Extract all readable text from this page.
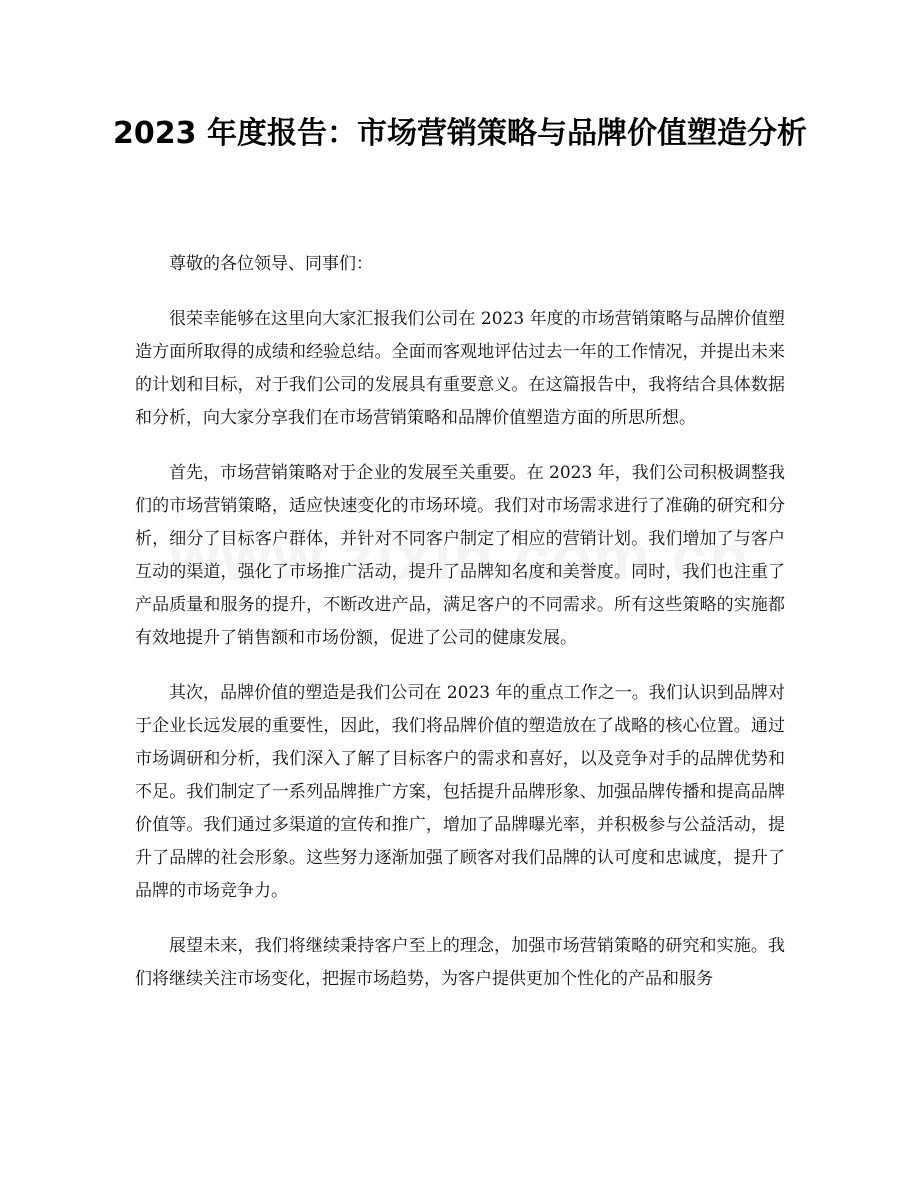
2023 年度报告：市场营销策略与品牌价值塑造分析

尊敬的各位领导、同事们：

很荣幸能够在这里向大家汇报我们公司在 2023 年度的市场营销策略与品牌价值塑造方面所取得的成绩和经验总结。全面而客观地评估过去一年的工作情况，并提出未来的计划和目标，对于我们公司的发展具有重要意义。在这篇报告中，我将结合具体数据和分析，向大家分享我们在市场营销策略和品牌价值塑造方面的所思所想。

首先，市场营销策略对于企业的发展至关重要。在 2023 年，我们公司积极调整我们的市场营销策略，适应快速变化的市场环境。我们对市场需求进行了准确的研究和分析，细分了目标客户群体，并针对不同客户制定了相应的营销计划。我们增加了与客户互动的渠道，强化了市场推广活动，提升了品牌知名度和美誉度。同时，我们也注重了产品质量和服务的提升，不断改进产品，满足客户的不同需求。所有这些策略的实施都有效地提升了销售额和市场份额，促进了公司的健康发展。

其次，品牌价值的塑造是我们公司在 2023 年的重点工作之一。我们认识到品牌对于企业长远发展的重要性，因此，我们将品牌价值的塑造放在了战略的核心位置。通过市场调研和分析，我们深入了解了目标客户的需求和喜好，以及竞争对手的品牌优势和不足。我们制定了一系列品牌推广方案，包括提升品牌形象、加强品牌传播和提高品牌价值等。我们通过多渠道的宣传和推广，增加了品牌曝光率，并积极参与公益活动，提升了品牌的社会形象。这些努力逐渐加强了顾客对我们品牌的认可度和忠诚度，提升了品牌的市场竞争力。

展望未来，我们将继续秉持客户至上的理念，加强市场营销策略的研究和实施。我们将继续关注市场变化，把握市场趋势，为客户提供更加个性化的产品和服务
